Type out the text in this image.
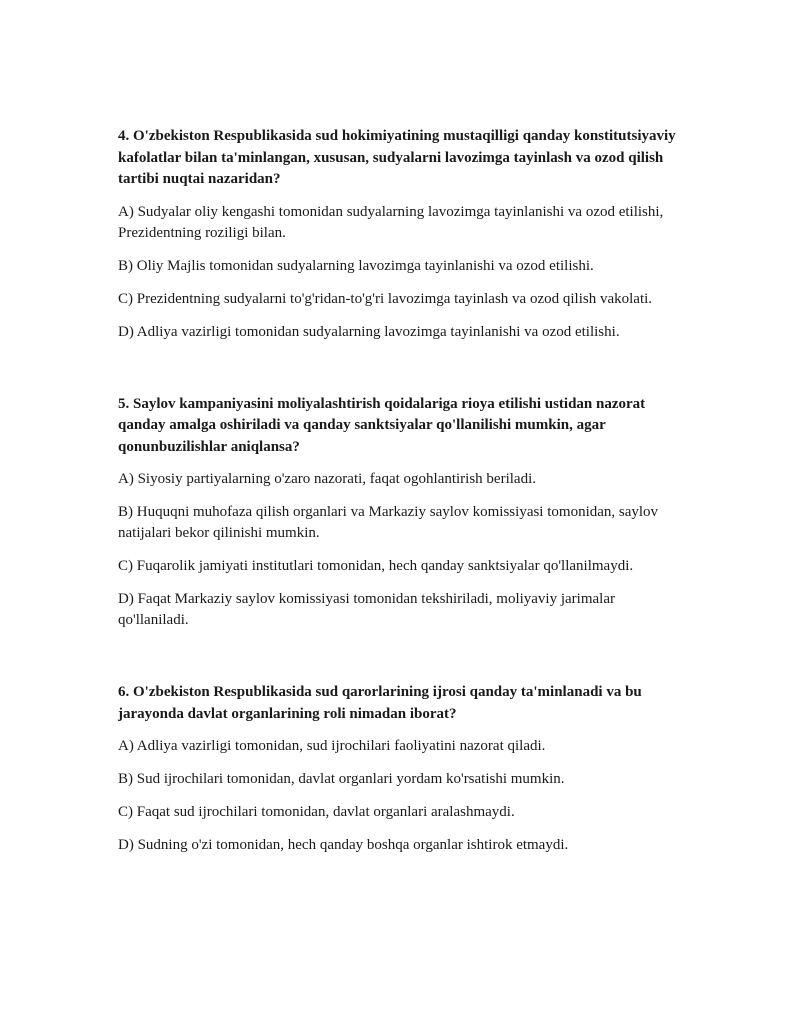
4. O'zbekiston Respublikasida sud hokimiyatining mustaqilligi qanday konstitutsiyaviy kafolatlar bilan ta'minlangan, xususan, sudyalarni lavozimga tayinlash va ozod qilish tartibi nuqtai nazaridan?

A) Sudyalar oliy kengashi tomonidan sudyalarning lavozimga tayinlanishi va ozod etilishi, Prezidentning roziligi bilan.

B) Oliy Majlis tomonidan sudyalarning lavozimga tayinlanishi va ozod etilishi.

C) Prezidentning sudyalarni to'g'ridan-to'g'ri lavozimga tayinlash va ozod qilish vakolati.

D) Adliya vazirligi tomonidan sudyalarning lavozimga tayinlanishi va ozod etilishi.

5. Saylov kampaniyasini moliyalashtirish qoidalariga rioya etilishi ustidan nazorat qanday amalga oshiriladi va qanday sanktsiyalar qo'llanilishi mumkin, agar qonunbuzilishlar aniqlansa?

A) Siyosiy partiyalarning o'zaro nazorati, faqat ogohlantirish beriladi.

B) Huquqni muhofaza qilish organlari va Markaziy saylov komissiyasi tomonidan, saylov natijalari bekor qilinishi mumkin.

C) Fuqarolik jamiyati institutlari tomonidan, hech qanday sanktsiyalar qo'llanilmaydi.

D) Faqat Markaziy saylov komissiyasi tomonidan tekshiriladi, moliyaviy jarimalar qo'llaniladi.

6. O'zbekiston Respublikasida sud qarorlarining ijrosi qanday ta'minlanadi va bu jarayonda davlat organlarining roli nimadan iborat?

A) Adliya vazirligi tomonidan, sud ijrochilari faoliyatini nazorat qiladi.

B) Sud ijrochilari tomonidan, davlat organlari yordam ko'rsatishi mumkin.

C) Faqat sud ijrochilari tomonidan, davlat organlari aralashmaydi.

D) Sudning o'zi tomonidan, hech qanday boshqa organlar ishtirok etmaydi.
